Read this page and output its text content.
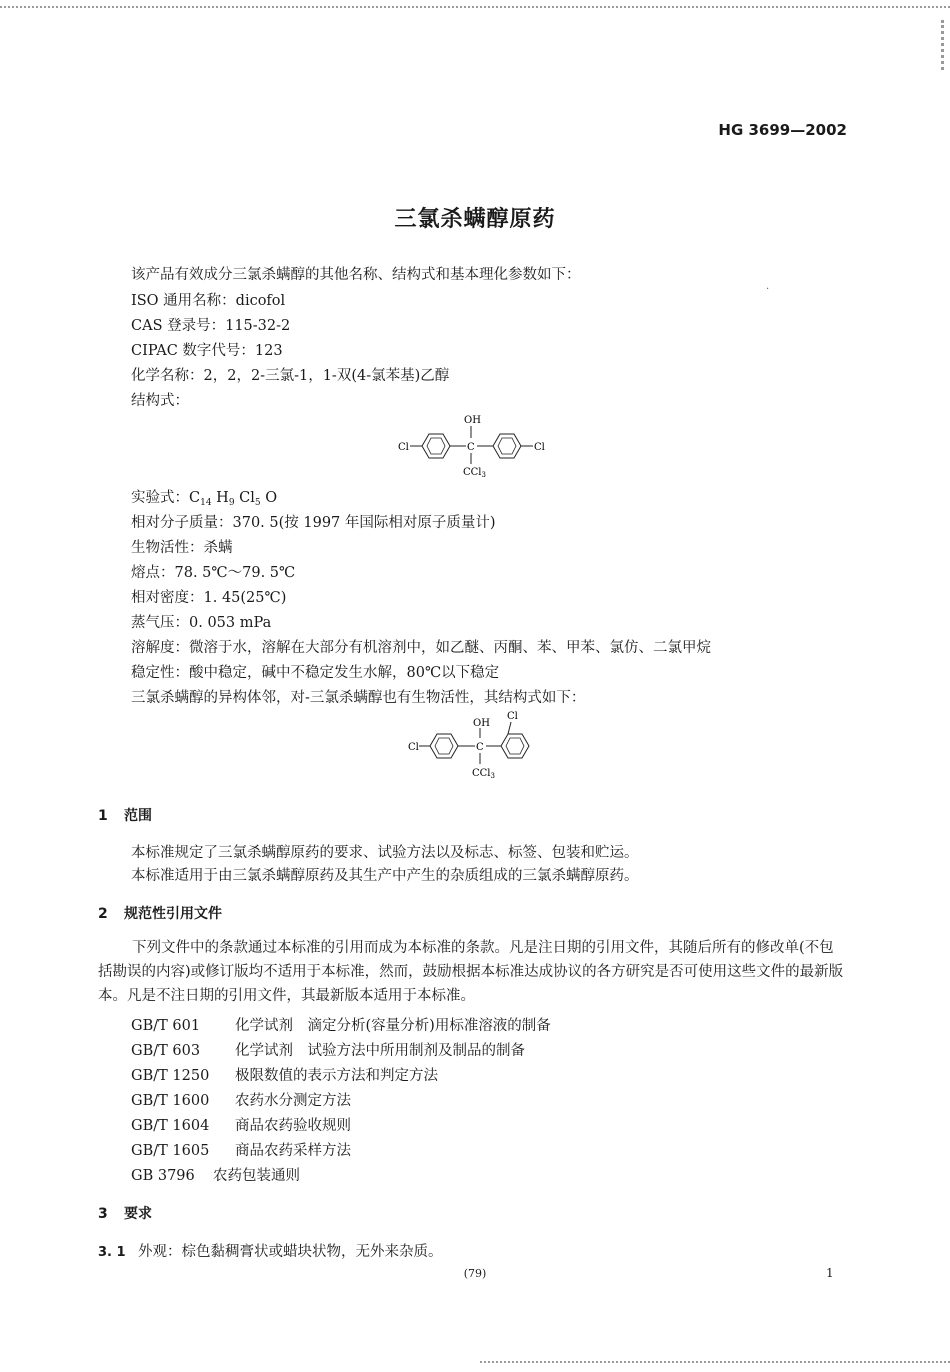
·
HG 3699—2002
三氯杀螨醇原药
该产品有效成分三氯杀螨醇的其他名称、结构式和基本理化参数如下：
ISO 通用名称：dicofol
CAS 登录号：115-32-2
CIPAC 数字代号：123
化学名称：2，2，2-三氯-1，1-双(4-氯苯基)乙醇
结构式：
Cl	C	Cl
OH
CCl$_3$
实验式：$C_{14}$ $H_9$ $Cl_5$ O
相对分子质量：370. 5(按 1997 年国际相对原子质量计)
生物活性：杀螨
熔点：78. 5℃～79. 5℃
相对密度：1. 45(25℃)
蒸气压：0. 053 mPa
溶解度：微溶于水，溶解在大部分有机溶剂中，如乙醚、丙酮、苯、甲苯、氯仿、二氯甲烷
稳定性：酸中稳定，碱中不稳定发生水解，80℃以下稳定
三氯杀螨醇的异构体邻，对-三氯杀螨醇也有生物活性，其结构式如下：
Cl	C
Cl
OH
CCl$_3$
1 范围
本标准规定了三氯杀螨醇原药的要求、试验方法以及标志、标签、包装和贮运。
本标准适用于由三氯杀螨醇原药及其生产中产生的杂质组成的三氯杀螨醇原药。
2 规范性引用文件
下列文件中的条款通过本标准的引用而成为本标准的条款。凡是注日期的引用文件，其随后所有的修改单(不包括勘误的内容)或修订版均不适用于本标准，然而，鼓励根据本标准达成协议的各方研究是否可使用这些文件的最新版本。凡是不注日期的引用文件，其最新版本适用于本标准。
GB/T 601 化学试剂　滴定分析(容量分析)用标准溶液的制备
GB/T 603 化学试剂　试验方法中所用制剂及制品的制备
GB/T 1250 极限数值的表示方法和判定方法
GB/T 1600 农药水分测定方法
GB/T 1604 商品农药验收规则
GB/T 1605 商品农药采样方法
GB 3796 农药包装通则
3 要求
3. 1 外观：棕色黏稠膏状或蜡块状物，无外来杂质。
(79)	1
